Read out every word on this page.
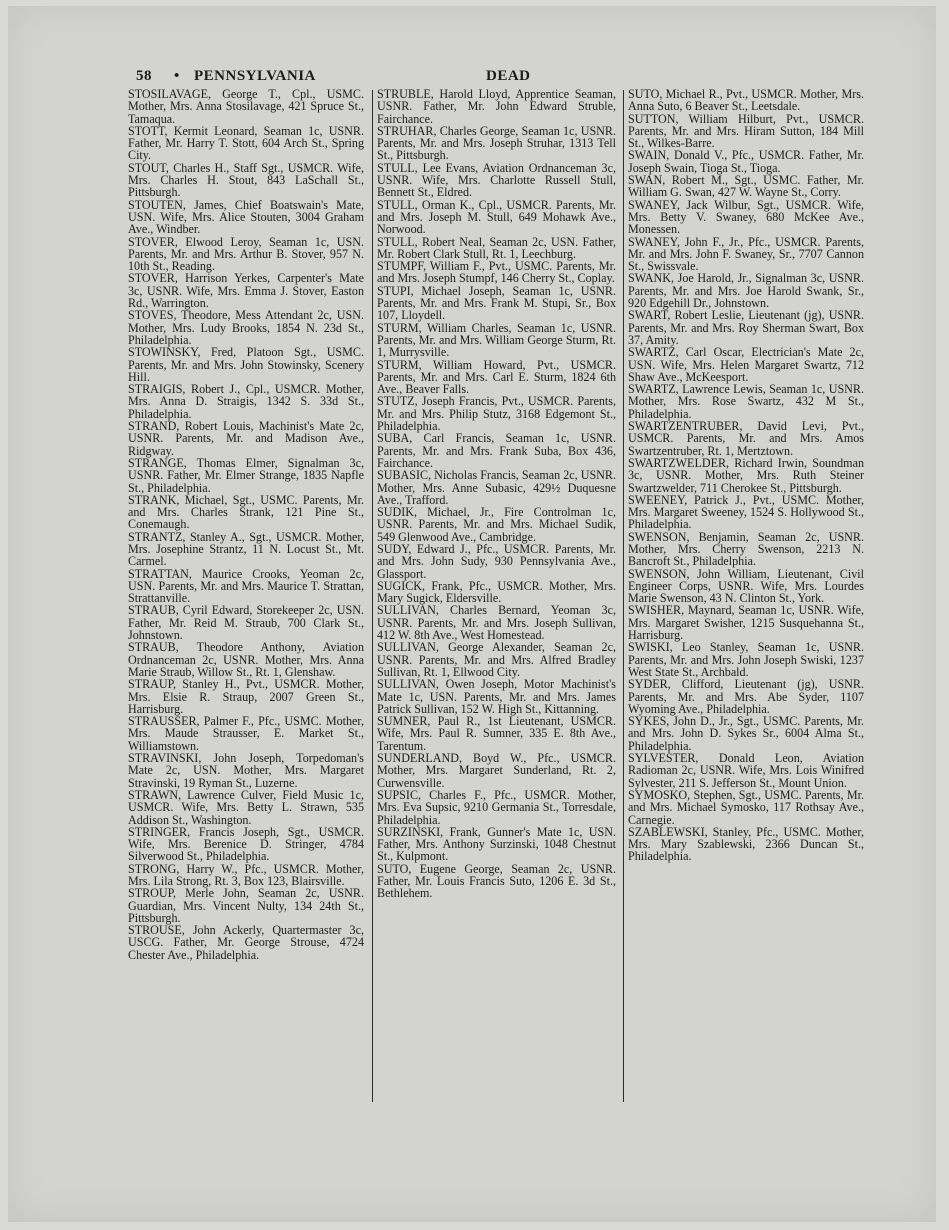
58 • PENNSYLVANIA	DEAD

STOSILAVAGE, George T., Cpl., USMC. Mother, Mrs. Anna Stosilavage, 421 Spruce St., Tamaqua.

STOTT, Kermit Leonard, Seaman 1c, USNR. Father, Mr. Harry T. Stott, 604 Arch St., Spring City.

STOUT, Charles H., Staff Sgt., USMCR. Wife, Mrs. Charles H. Stout, 843 LaSchall St., Pittsburgh.

STOUTEN, James, Chief Boatswain's Mate, USN. Wife, Mrs. Alice Stouten, 3004 Graham Ave., Windber.

STOVER, Elwood Leroy, Seaman 1c, USN. Parents, Mr. and Mrs. Arthur B. Stover, 957 N. 10th St., Reading.

STOVER, Harrison Yerkes, Carpenter's Mate 3c, USNR. Wife, Mrs. Emma J. Stover, Easton Rd., Warrington.

STOVES, Theodore, Mess Attendant 2c, USN. Mother, Mrs. Ludy Brooks, 1854 N. 23d St., Philadelphia.

STOWINSKY, Fred, Platoon Sgt., USMC. Parents, Mr. and Mrs. John Stowinsky, Scenery Hill.

STRAIGIS, Robert J., Cpl., USMCR. Mother, Mrs. Anna D. Straigis, 1342 S. 33d St., Philadelphia.

STRAND, Robert Louis, Machinist's Mate 2c, USNR. Parents, Mr. and Madison Ave., Ridgway.

STRANGE, Thomas Elmer, Signalman 3c, USNR. Father, Mr. Elmer Strange, 1835 Napfle St., Philadelphia.

STRANK, Michael, Sgt., USMC. Parents, Mr. and Mrs. Charles Strank, 121 Pine St., Conemaugh.

STRANTZ, Stanley A., Sgt., USMCR. Mother, Mrs. Josephine Strantz, 11 N. Locust St., Mt. Carmel.

STRATTAN, Maurice Crooks, Yeoman 2c, USN. Parents, Mr. and Mrs. Maurice T. Strattan, Strattanville.

STRAUB, Cyril Edward, Storekeeper 2c, USN. Father, Mr. Reid M. Straub, 700 Clark St., Johnstown.

STRAUB, Theodore Anthony, Aviation Ordnanceman 2c, USNR. Mother, Mrs. Anna Marie Straub, Willow St., Rt. 1, Glenshaw.

STRAUP, Stanley H., Pvt., USMCR. Mother, Mrs. Elsie R. Straup, 2007 Green St., Harrisburg.

STRAUSSER, Palmer F., Pfc., USMC. Mother, Mrs. Maude Strausser, E. Market St., Williamstown.

STRAVINSKI, John Joseph, Torpedoman's Mate 2c, USN. Mother, Mrs. Margaret Stravinski, 19 Ryman St., Luzerne.

STRAWN, Lawrence Culver, Field Music 1c, USMCR. Wife, Mrs. Betty L. Strawn, 535 Addison St., Washington.

STRINGER, Francis Joseph, Sgt., USMCR. Wife, Mrs. Berenice D. Stringer, 4784 Silverwood St., Philadelphia.

STRONG, Harry W., Pfc., USMCR. Mother, Mrs. Lila Strong, Rt. 3, Box 123, Blairsville.

STROUP, Merle John, Seaman 2c, USNR. Guardian, Mrs. Vincent Nulty, 134 24th St., Pittsburgh.

STROUSE, John Ackerly, Quartermaster 3c, USCG. Father, Mr. George Strouse, 4724 Chester Ave., Philadelphia.

STRUBLE, Harold Lloyd, Apprentice Seaman, USNR. Father, Mr. John Edward Struble, Fairchance.

STRUHAR, Charles George, Seaman 1c, USNR. Parents, Mr. and Mrs. Joseph Struhar, 1313 Tell St., Pittsburgh.

STULL, Lee Evans, Aviation Ordnanceman 3c, USNR. Wife, Mrs. Charlotte Russell Stull, Bennett St., Eldred.

STULL, Orman K., Cpl., USMCR. Parents, Mr. and Mrs. Joseph M. Stull, 649 Mohawk Ave., Norwood.

STULL, Robert Neal, Seaman 2c, USN. Father, Mr. Robert Clark Stull, Rt. 1, Leechburg.

STUMPF, William F., Pvt., USMC. Parents, Mr. and Mrs. Joseph Stumpf, 146 Cherry St., Coplay.

STUPI, Michael Joseph, Seaman 1c, USNR. Parents, Mr. and Mrs. Frank M. Stupi, Sr., Box 107, Lloydell.

STURM, William Charles, Seaman 1c, USNR. Parents, Mr. and Mrs. William George Sturm, Rt. 1, Murrysville.

STURM, William Howard, Pvt., USMCR. Parents, Mr. and Mrs. Carl E. Sturm, 1824 6th Ave., Beaver Falls.

STUTZ, Joseph Francis, Pvt., USMCR. Parents, Mr. and Mrs. Philip Stutz, 3168 Edgemont St., Philadelphia.

SUBA, Carl Francis, Seaman 1c, USNR. Parents, Mr. and Mrs. Frank Suba, Box 436, Fairchance.

SUBASIC, Nicholas Francis, Seaman 2c, USNR. Mother, Mrs. Anne Subasic, 429½ Duquesne Ave., Trafford.

SUDIK, Michael, Jr., Fire Controlman 1c, USNR. Parents, Mr. and Mrs. Michael Sudik, 549 Glenwood Ave., Cambridge.

SUDY, Edward J., Pfc., USMCR. Parents, Mr. and Mrs. John Sudy, 930 Pennsylvania Ave., Glassport.

SUGICK, Frank, Pfc., USMCR. Mother, Mrs. Mary Sugick, Eldersville.

SULLIVAN, Charles Bernard, Yeoman 3c, USNR. Parents, Mr. and Mrs. Joseph Sullivan, 412 W. 8th Ave., West Homestead.

SULLIVAN, George Alexander, Seaman 2c, USNR. Parents, Mr. and Mrs. Alfred Bradley Sullivan, Rt. 1, Ellwood City.

SULLIVAN, Owen Joseph, Motor Machinist's Mate 1c, USN. Parents, Mr. and Mrs. James Patrick Sullivan, 152 W. High St., Kittanning.

SUMNER, Paul R., 1st Lieutenant, USMCR. Wife, Mrs. Paul R. Sumner, 335 E. 8th Ave., Tarentum.

SUNDERLAND, Boyd W., Pfc., USMCR. Mother, Mrs. Margaret Sunderland, Rt. 2, Curwensville.

SUPSIC, Charles F., Pfc., USMCR. Mother, Mrs. Eva Supsic, 9210 Germania St., Torresdale, Philadelphia.

SURZINSKI, Frank, Gunner's Mate 1c, USN. Father, Mrs. Anthony Surzinski, 1048 Chestnut St., Kulpmont.

SUTO, Eugene George, Seaman 2c, USNR. Father, Mr. Louis Francis Suto, 1206 E. 3d St., Bethlehem.

SUTO, Michael R., Pvt., USMCR. Mother, Mrs. Anna Suto, 6 Beaver St., Leetsdale.

SUTTON, William Hilburt, Pvt., USMCR. Parents, Mr. and Mrs. Hiram Sutton, 184 Mill St., Wilkes-Barre.

SWAIN, Donald V., Pfc., USMCR. Father, Mr. Joseph Swain, Tioga St., Tioga.

SWAN, Robert M., Sgt., USMC. Father, Mr. William G. Swan, 427 W. Wayne St., Corry.

SWANEY, Jack Wilbur, Sgt., USMCR. Wife, Mrs. Betty V. Swaney, 680 McKee Ave., Monessen.

SWANEY, John F., Jr., Pfc., USMCR. Parents, Mr. and Mrs. John F. Swaney, Sr., 7707 Cannon St., Swissvale.

SWANK, Joe Harold, Jr., Signalman 3c, USNR. Parents, Mr. and Mrs. Joe Harold Swank, Sr., 920 Edgehill Dr., Johnstown.

SWART, Robert Leslie, Lieutenant (jg), USNR. Parents, Mr. and Mrs. Roy Sherman Swart, Box 37, Amity.

SWARTZ, Carl Oscar, Electrician's Mate 2c, USN. Wife, Mrs. Helen Margaret Swartz, 712 Shaw Ave., McKeesport.

SWARTZ, Lawrence Lewis, Seaman 1c, USNR. Mother, Mrs. Rose Swartz, 432 M St., Philadelphia.

SWARTZENTRUBER, David Levi, Pvt., USMCR. Parents, Mr. and Mrs. Amos Swartzentruber, Rt. 1, Mertztown.

SWARTZWELDER, Richard Irwin, Soundman 3c, USNR. Mother, Mrs. Ruth Steiner Swartzwelder, 711 Cherokee St., Pittsburgh.

SWEENEY, Patrick J., Pvt., USMC. Mother, Mrs. Margaret Sweeney, 1524 S. Hollywood St., Philadelphia.

SWENSON, Benjamin, Seaman 2c, USNR. Mother, Mrs. Cherry Swenson, 2213 N. Bancroft St., Philadelphia.

SWENSON, John William, Lieutenant, Civil Engineer Corps, USNR. Wife, Mrs. Lourdes Marie Swenson, 43 N. Clinton St., York.

SWISHER, Maynard, Seaman 1c, USNR. Wife, Mrs. Margaret Swisher, 1215 Susquehanna St., Harrisburg.

SWISKI, Leo Stanley, Seaman 1c, USNR. Parents, Mr. and Mrs. John Joseph Swiski, 1237 West State St., Archbald.

SYDER, Clifford, Lieutenant (jg), USNR. Parents, Mr. and Mrs. Abe Syder, 1107 Wyoming Ave., Philadelphia.

SYKES, John D., Jr., Sgt., USMC. Parents, Mr. and Mrs. John D. Sykes Sr., 6004 Alma St., Philadelphia.

SYLVESTER, Donald Leon, Aviation Radioman 2c, USNR. Wife, Mrs. Lois Winifred Sylvester, 211 S. Jefferson St., Mount Union.

SYMOSKO, Stephen, Sgt., USMC. Parents, Mr. and Mrs. Michael Symosko, 117 Rothsay Ave., Carnegie.

SZABLEWSKI, Stanley, Pfc., USMC. Mother, Mrs. Mary Szablewski, 2366 Duncan St., Philadelphia.
